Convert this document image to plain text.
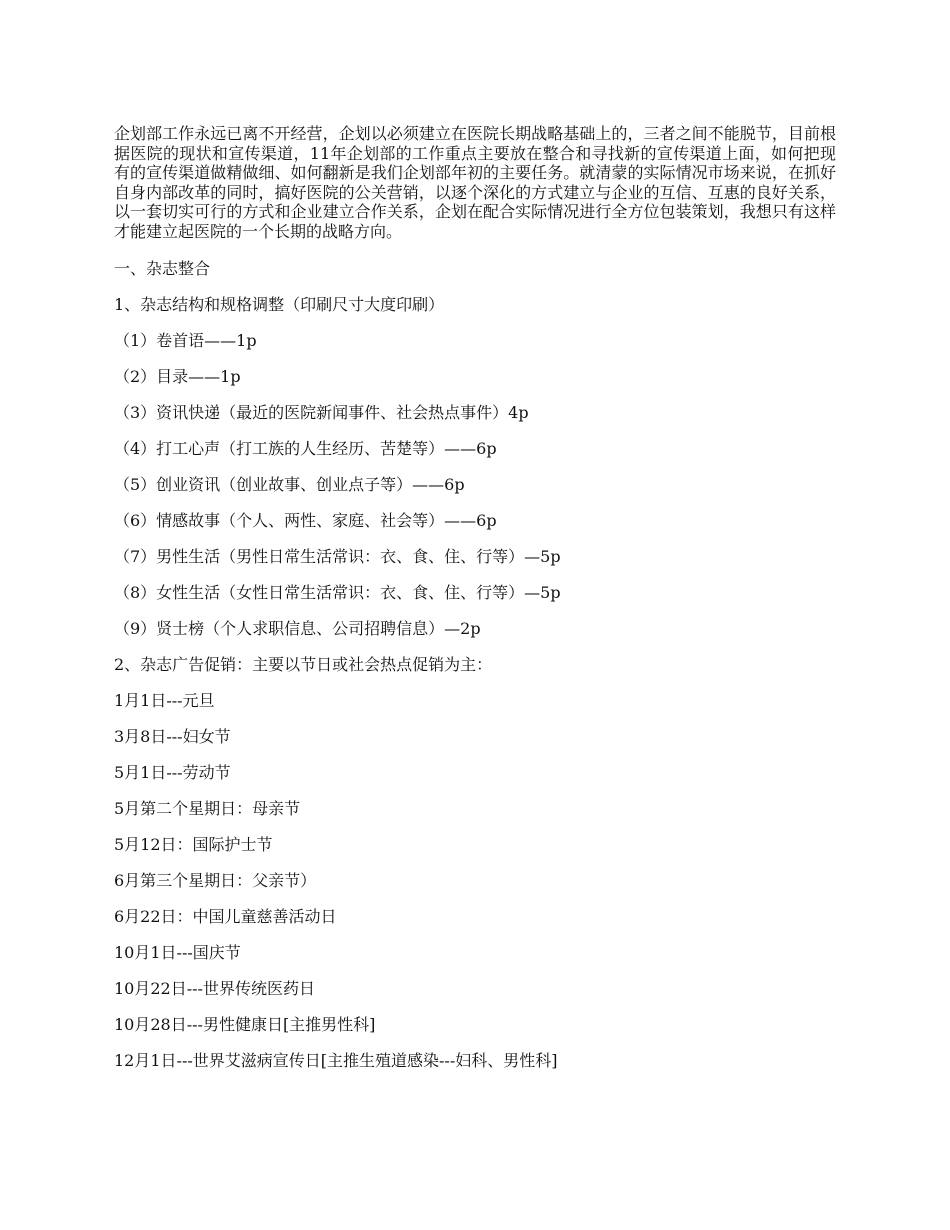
企划部工作永远已离不开经营，企划以必须建立在医院长期战略基础上的，三者之间不能脱节，目前根据医院的现状和宣传渠道，11年企划部的工作重点主要放在整合和寻找新的宣传渠道上面，如何把现有的宣传渠道做精做细、如何翻新是我们企划部年初的主要任务。就清蒙的实际情况市场来说，在抓好自身内部改革的同时，搞好医院的公关营销，以逐个深化的方式建立与企业的互信、互惠的良好关系，以一套切实可行的方式和企业建立合作关系，企划在配合实际情况进行全方位包装策划，我想只有这样才能建立起医院的一个长期的战略方向。

一、杂志整合
1、杂志结构和规格调整（印刷尺寸大度印刷）
（1）卷首语——1p
（2）目录——1p
（3）资讯快递（最近的医院新闻事件、社会热点事件）4p
（4）打工心声（打工族的人生经历、苦楚等）——6p
（5）创业资讯（创业故事、创业点子等）——6p
（6）情感故事（个人、两性、家庭、社会等）——6p
（7）男性生活（男性日常生活常识：衣、食、住、行等）—5p
（8）女性生活（女性日常生活常识：衣、食、住、行等）—5p
（9）贤士榜（个人求职信息、公司招聘信息）—2p
2、杂志广告促销：主要以节日或社会热点促销为主：
1月1日---元旦
3月8日---妇女节
5月1日---劳动节
5月第二个星期日：母亲节
5月12日：国际护士节
6月第三个星期日：父亲节）
6月22日：中国儿童慈善活动日
10月1日---国庆节
10月22日---世界传统医药日
10月28日---男性健康日[主推男性科]
12月1日---世界艾滋病宣传日[主推生殖道感染---妇科、男性科]
